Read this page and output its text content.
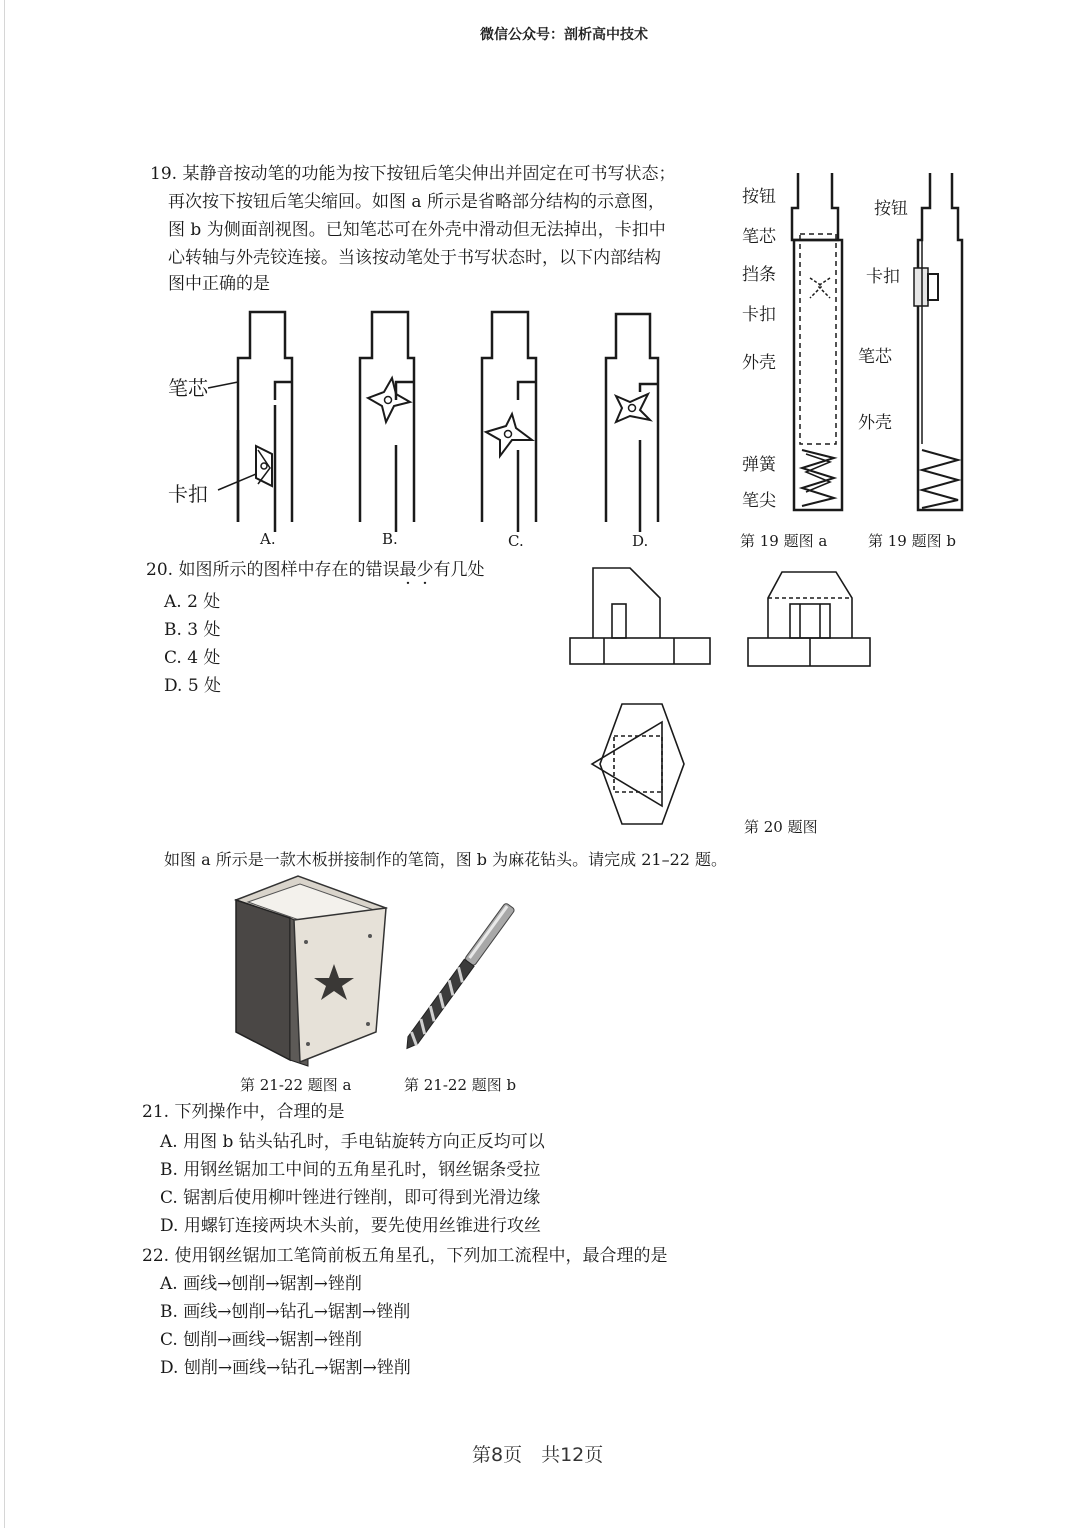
微信公众号：剖析高中技术
19. 某静音按动笔的功能为按下按钮后笔尖伸出并固定在可书写状态；
再次按下按钮后笔尖缩回。如图 a 所示是省略部分结构的示意图，
图 b 为侧面剖视图。已知笔芯可在外壳中滑动但无法掉出，卡扣中
心转轴与外壳铰连接。当该按动笔处于书写状态时，以下内部结构
图中正确的是
笔芯
卡扣
A.	B.	C.	D.
按钮
笔芯
挡条
卡扣
外壳
弹簧
笔尖
按钮
卡扣
笔芯
外壳
第 19 题图 a	第 19 题图 b
20. 如图所示的图样中存在的错误最少有几处
A. 2 处
B. 3 处
C. 4 处
D. 5 处
第 20 题图
如图 a 所示是一款木板拼接制作的笔筒，图 b 为麻花钻头。请完成 21–22 题。
第 21-22 题图 a	第 21-22 题图 b
21. 下列操作中，合理的是
A. 用图 b 钻头钻孔时，手电钻旋转方向正反均可以
B. 用钢丝锯加工中间的五角星孔时，钢丝锯条受拉
C. 锯割后使用柳叶锉进行锉削，即可得到光滑边缘
D. 用螺钉连接两块木头前，要先使用丝锥进行攻丝
22. 使用钢丝锯加工笔筒前板五角星孔，下列加工流程中，最合理的是
A. 画线→刨削→锯割→锉削
B. 画线→刨削→钻孔→锯割→锉削
C. 刨削→画线→锯割→锉削
D. 刨削→画线→钻孔→锯割→锉削
第8页　共12页
